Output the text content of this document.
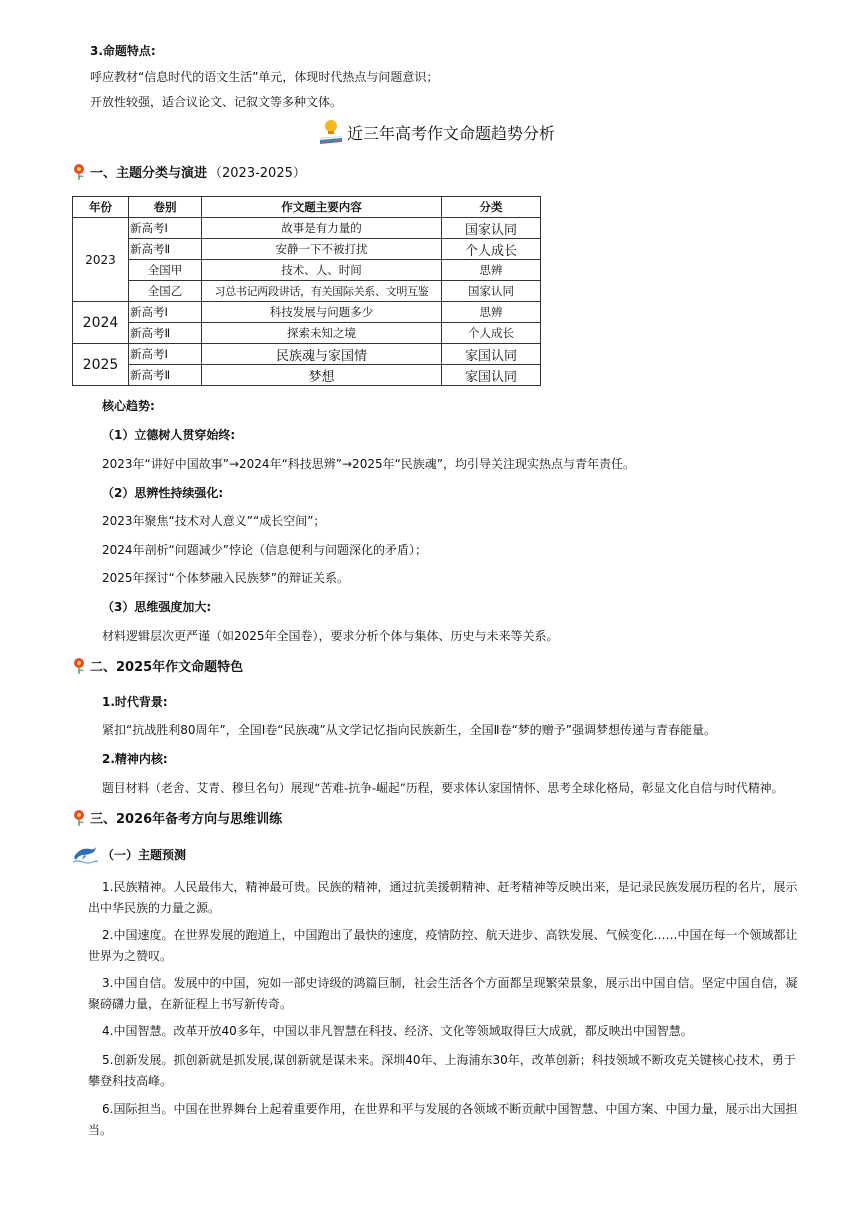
3.命题特点:
呼应教材“信息时代的语文生活”单元，体现时代热点与问题意识；
开放性较强，适合议论文、记叙文等多种文体。
近三年高考作文命题趋势分析
一、主题分类与演进 （2023-2025）
年份	卷别	作文题主要内容	分类
2023	新高考Ⅰ	故事是有力量的	国家认同
	新高考Ⅱ	安静一下不被打扰	个人成长
	全国甲	技术、人、时间	思辨
	全国乙	习总书记两段讲话，有关国际关系、文明互鉴	国家认同
2024	新高考Ⅰ	科技发展与问题多少	思辨
	新高考Ⅱ	探索未知之境	个人成长
2025	新高考Ⅰ	民族魂与家国情	家国认同
	新高考Ⅱ	梦想	家国认同
核心趋势:
（1）立德树人贯穿始终:
2023年“讲好中国故事”→2024年“科技思辨”→2025年“民族魂”，均引导关注现实热点与青年责任。
（2）思辨性持续强化:
2023年聚焦“技术对人意义”“成长空间”；
2024年剖析“问题减少”悖论（信息便利与问题深化的矛盾）；
2025年探讨“个体梦融入民族梦”的辩证关系。
（3）思维强度加大:
材料逻辑层次更严谨（如2025年全国卷），要求分析个体与集体、历史与未来等关系。
二、2025年作文命题特色
1.时代背景:
紧扣“抗战胜利80周年”，全国Ⅰ卷“民族魂”从文学记忆指向民族新生，全国Ⅱ卷“梦的赠予”强调梦想传递与青春能量。
2.精神内核:
题目材料（老舍、艾青、穆旦名句）展现“苦难-抗争-崛起”历程，要求体认家国情怀、思考全球化格局，彰显文化自信与时代精神。
三、2026年备考方向与思维训练
（一）主题预测
1.民族精神。人民最伟大，精神最可贵。民族的精神，通过抗美援朝精神、赶考精神等反映出来，是记录民族发展历程的名片，展示出中华民族的力量之源。
2.中国速度。在世界发展的跑道上，中国跑出了最快的速度，疫情防控、航天进步、高铁发展、气候变化……中国在每一个领域都让世界为之赞叹。
3.中国自信。发展中的中国，宛如一部史诗级的鸿篇巨制，社会生活各个方面都呈现繁荣景象，展示出中国自信。坚定中国自信，凝聚磅礴力量，在新征程上书写新传奇。
4.中国智慧。改革开放40多年，中国以非凡智慧在科技、经济、文化等领域取得巨大成就，都反映出中国智慧。
5.创新发展。抓创新就是抓发展,谋创新就是谋未来。深圳40年、上海浦东30年，改革创新；科技领域不断攻克关键核心技术，勇于攀登科技高峰。
6.国际担当。中国在世界舞台上起着重要作用，在世界和平与发展的各领域不断贡献中国智慧、中国方案、中国力量，展示出大国担当。
